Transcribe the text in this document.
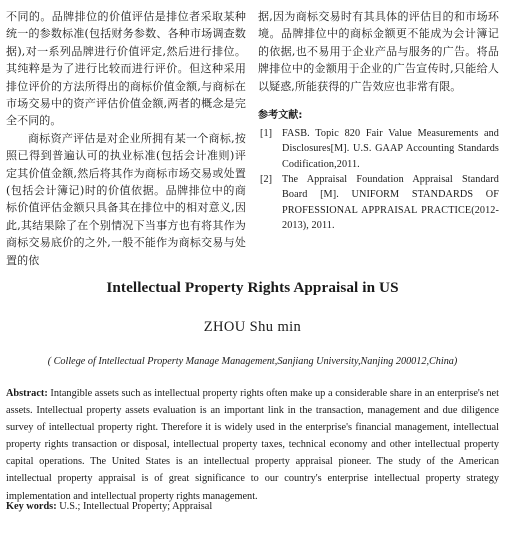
不同的。品牌排位的价值评估是排位者采取某种统一的参数标准(包括财务参数、各种市场调查数据),对一系列品牌进行价值评定,然后进行排位。其纯粹是为了进行比较而进行评价。但这种采用排位评价的方法所得出的商标价值金额,与商标在市场交易中的资产评估价值金额,两者的概念是完全不同的。

商标资产评估是对企业所拥有某一个商标,按照已得到普遍认可的执业标准(包括会计准则)评定其价值金额,然后将其作为商标市场交易或处置(包括会计簿记)时的价值依据。品牌排位中的商标价值评估金额只具备其在排位中的相对意义,因此,其结果除了在个别情况下当事方也有将其作为商标交易底价的之外,一般不能作为商标交易与处置的依

据,因为商标交易时有其具体的评估目的和市场环境。品牌排位中的商标金额更不能成为会计簿记的依据,也不易用于企业产品与服务的广告。将品牌排位中的金额用于企业的广告宣传时,只能给人以疑惑,所能获得的广告效应也非常有限。

参考文献:

[1] FASB. Topic 820 Fair Value Measurements and Disclosures[M]. U.S. GAAP Accounting Standards Codification,2011.
[2] The Appraisal Foundation Appraisal Standard Board [M]. UNIFORM STANDARDS OF PROFESSIONAL APPRAISAL PRACTICE(2012-2013), 2011.
Intellectual Property Rights Appraisal in US
ZHOU Shu min
( College of Intellectual Property Manage Management,Sanjiang University,Nanjing 200012,China)
Abstract: Intangible assets such as intellectual property rights often make up a considerable share in an enterprise's net assets. Intellectual property assets evaluation is an important link in the transaction, management and due diligence survey of intellectual property right. Therefore it is widely used in the enterprise's financial management, intellectual property rights transaction or disposal, intellectual property taxes, technical economy and other intellectual property capital operations. The United States is an intellectual property appraisal pioneer. The study of the American intellectual property appraisal is of great significance to our country's enterprise intellectual property strategy implementation and intellectual property rights management.
Key words: U.S.; Intellectual Property; Appraisal
